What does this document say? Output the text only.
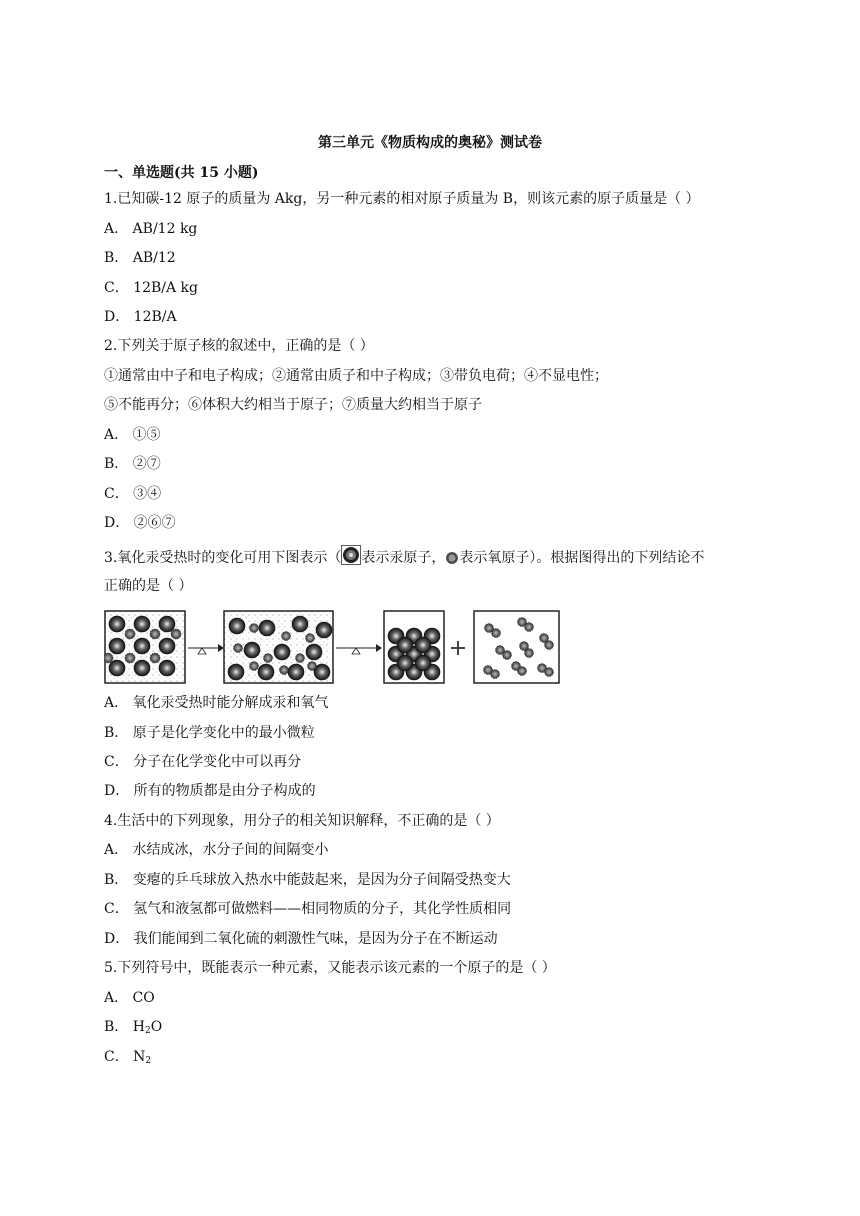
第三单元《物质构成的奥秘》测试卷
一、单选题(共 15 小题)
1.已知碳-12 原子的质量为 Akg，另一种元素的相对原子质量为 B，则该元素的原子质量是（ ）
A． AB/12 kg
B． AB/12
C． 12B/A kg
D． 12B/A
2.下列关于原子核的叙述中，正确的是（ ）
①通常由中子和电子构成；②通常由质子和中子构成；③带负电荷；④不显电性；
⑤不能再分；⑥体积大约相当于原子；⑦质量大约相当于原子
A． ①⑤
B． ②⑦
C． ③④
D． ②⑥⑦
3.氧化汞受热时的变化可用下图表示（ 表示汞原子， 表示氧原子）。根据图得出的下列结论不
正确的是（ ）
A． 氧化汞受热时能分解成汞和氧气
B． 原子是化学变化中的最小微粒
C． 分子在化学变化中可以再分
D． 所有的物质都是由分子构成的
4.生活中的下列现象，用分子的相关知识解释，不正确的是（ ）
A． 水结成冰，水分子间的间隔变小
B． 变瘪的乒乓球放入热水中能鼓起来，是因为分子间隔受热变大
C． 氢气和液氢都可做燃料——相同物质的分子，其化学性质相同
D． 我们能闻到二氧化硫的刺激性气味，是因为分子在不断运动
5.下列符号中，既能表示一种元素，又能表示该元素的一个原子的是（ ）
A． CO
B． $H_2O$
C． $N_2$
